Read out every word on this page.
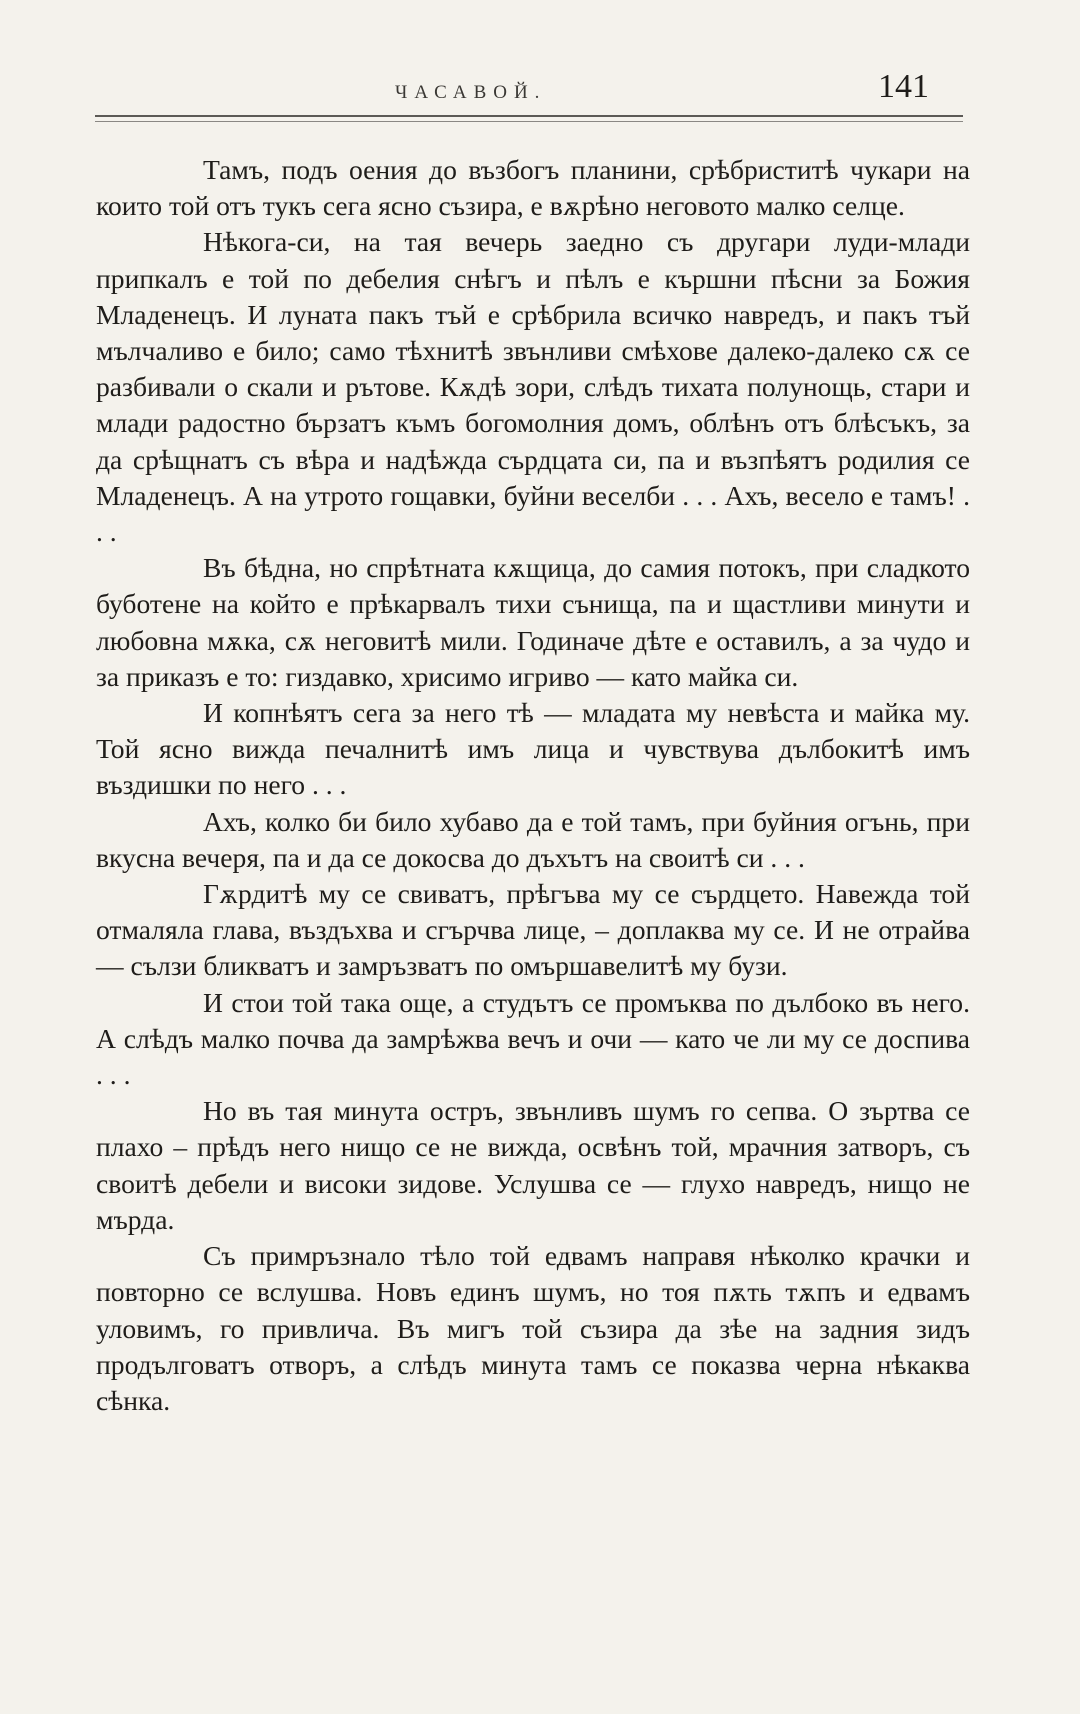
ЧАСАВОЙ.	141

Тамъ, подъ оения до възбогъ планини, срѣбриститѣ чукари на които той отъ тукъ сега ясно съзира, е вѫрѣно неговото малко селце.

Нѣкога-си, на тая вечерь заедно съ другари луди-млади припкалъ е той по дебелия снѣгъ и пѣлъ е кършни пѣсни за Божия Младенецъ. И луната пакъ тъй е срѣбрила всичко навредъ, и пакъ тъй мълчаливо е било; само тѣхнитѣ звънливи смѣхове далеко-далеко сѫ се разбивали о скали и рътове. Кѫдѣ зори, слѣдъ тихата полунощь, стари и млади радостно бързатъ къмъ богомолния домъ, облѣнъ отъ блѣсъкъ, за да срѣщнатъ съ вѣра и надѣжда сърдцата си, па и възпѣятъ родилия се Младенецъ. А на утрото гощавки, буйни веселби . . . Ахъ, весело е тамъ! . . .

Въ бѣдна, но спрѣтната кѫщица, до самия потокъ, при сладкото буботене на който е прѣкарвалъ тихи сънища, па и щастливи минути и любовна мѫка, сѫ неговитѣ мили. Годиначе дѣте е оставилъ, а за чудо и за приказъ е то: гиздавко, хрисимо игриво — като майка си.

И копнѣятъ сега за него тѣ — младата му невѣста и майка му. Той ясно вижда печалнитѣ имъ лица и чувствува дълбокитѣ имъ въздишки по него . . .

Ахъ, колко би било хубаво да е той тамъ, при буйния огънь, при вкусна вечеря, па и да се докосва до дъхътъ на своитѣ си . . .

Гѫрдитѣ му се свиватъ, прѣгъва му се сърдцето. Навежда той отмаляла глава, въздъхва и сгърчва лице, – доплаква му се. И не отрайва — сълзи бликватъ и замръзватъ по омършавелитѣ му бузи.

И стои той така още, а студътъ се промъква по дълбоко въ него. А слѣдъ малко почва да замрѣжва вечъ и очи — като че ли му се доспива . . .

Но въ тая минута остръ, звънливъ шумъ го сепва. О зъртва се плахо – прѣдъ него нищо се не вижда, освѣнъ той, мрачния затворъ, съ своитѣ дебели и високи зидове. Услушва се — глухо навредъ, нищо не мърда.

Съ примръзнало тѣло той едвамъ направя нѣколко крачки и повторно се вслушва. Новъ единъ шумъ, но тоя пѫть тѫпъ и едвамъ уловимъ, го привлича. Въ мигъ той съзира да зѣе на задния зидъ продълговатъ отворъ, а слѣдъ минута тамъ се показва черна нѣкаква сѣнка.
